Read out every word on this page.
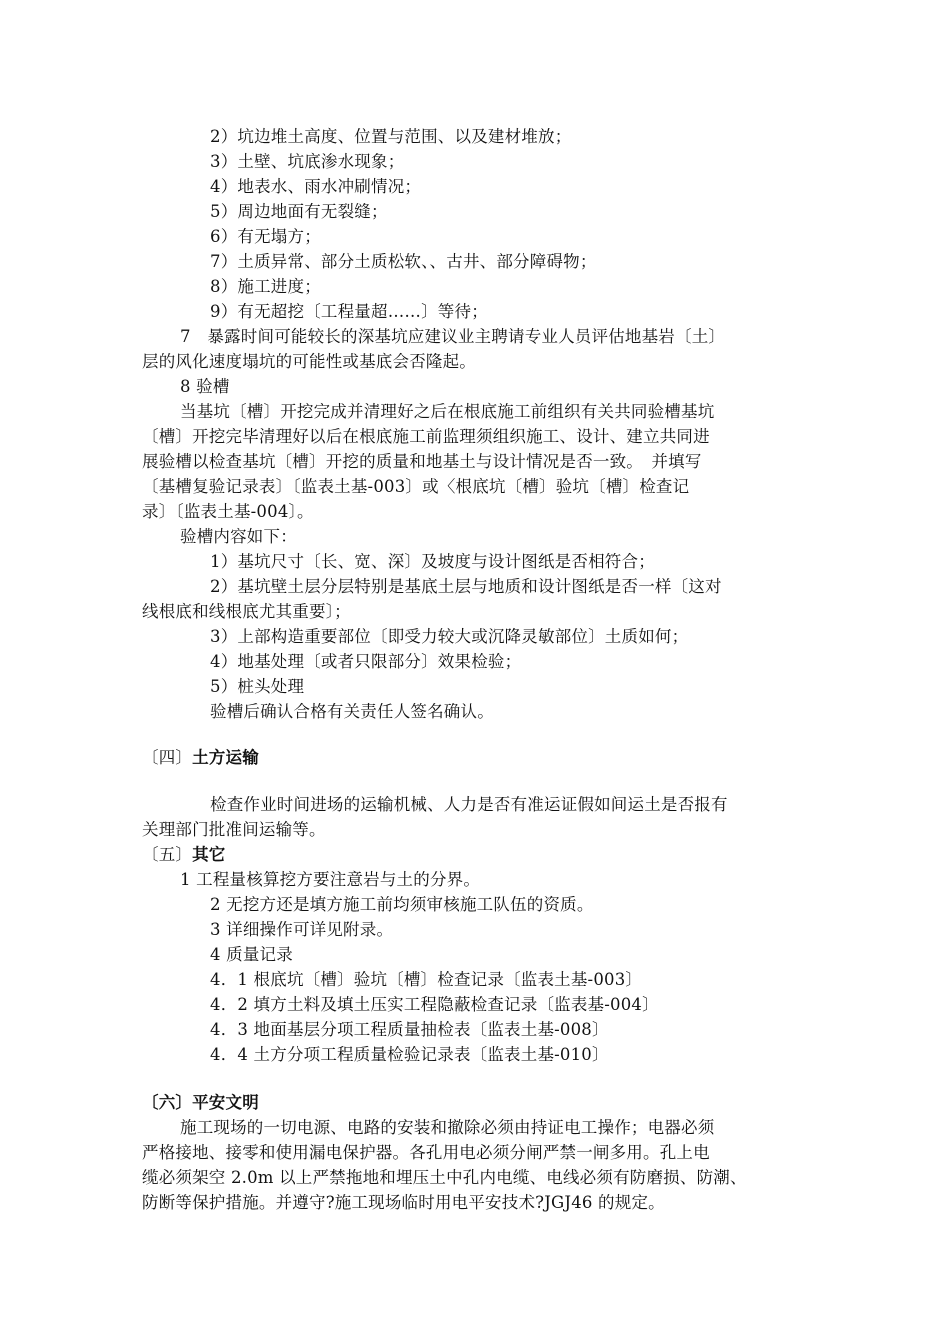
2）坑边堆土高度、位置与范围、以及建材堆放；
3）土壁、坑底渗水现象；
4）地表水、雨水冲刷情况；
5）周边地面有无裂缝；
6）有无塌方；
7）土质异常、部分土质松软、、古井、部分障碍物；
8）施工进度；
9）有无超挖〔工程量超……〕等待；
7　暴露时间可能较长的深基坑应建议业主聘请专业人员评估地基岩〔土〕
层的风化速度塌坑的可能性或基底会否隆起。
8 验槽
当基坑〔槽〕开挖完成并清理好之后在根底施工前组织有关共同验槽基坑
〔槽〕开挖完毕清理好以后在根底施工前监理须组织施工、设计、建立共同进
展验槽以检查基坑〔槽〕开挖的质量和地基土与设计情况是否一致。　并填写
〔基槽复验记录表〕〔监表土基-003〕或〈根底坑〔槽〕验坑〔槽〕检查记
录〕〔监表土基-004〕。
验槽内容如下：
1）基坑尺寸〔长、宽、深〕及坡度与设计图纸是否相符合；
2）基坑壁土层分层特别是基底土层与地质和设计图纸是否一样〔这对
线根底和线根底尤其重要〕；
3）上部构造重要部位〔即受力较大或沉降灵敏部位〕土质如何；
4）地基处理〔或者只限部分〕效果检验；
5）桩头处理
验槽后确认合格有关责任人签名确认。
〔四〕土方运输
检查作业时间进场的运输机械、人力是否有准运证假如间运土是否报有
关理部门批准间运输等。
〔五〕其它
1 工程量核算挖方要注意岩与土的分界。
2 无挖方还是填方施工前均须审核施工队伍的资质。
3 详细操作可详见附录。
4 质量记录
4．1 根底坑〔槽〕验坑〔槽〕检查记录〔监表土基-003〕
4．2 填方土料及填土压实工程隐蔽检查记录〔监表基-004〕
4．3 地面基层分项工程质量抽检表〔监表土基-008〕
4．4 土方分项工程质量检验记录表〔监表土基-010〕
〔六〕平安文明
施工现场的一切电源、电路的安装和撤除必须由持证电工操作；电器必须
严格接地、接零和使用漏电保护器。各孔用电必须分闸严禁一闸多用。孔上电
缆必须架空 2.0m 以上严禁拖地和埋压土中孔内电缆、电线必须有防磨损、防潮、
防断等保护措施。并遵守?施工现场临时用电平安技术?JGJ46 的规定。
